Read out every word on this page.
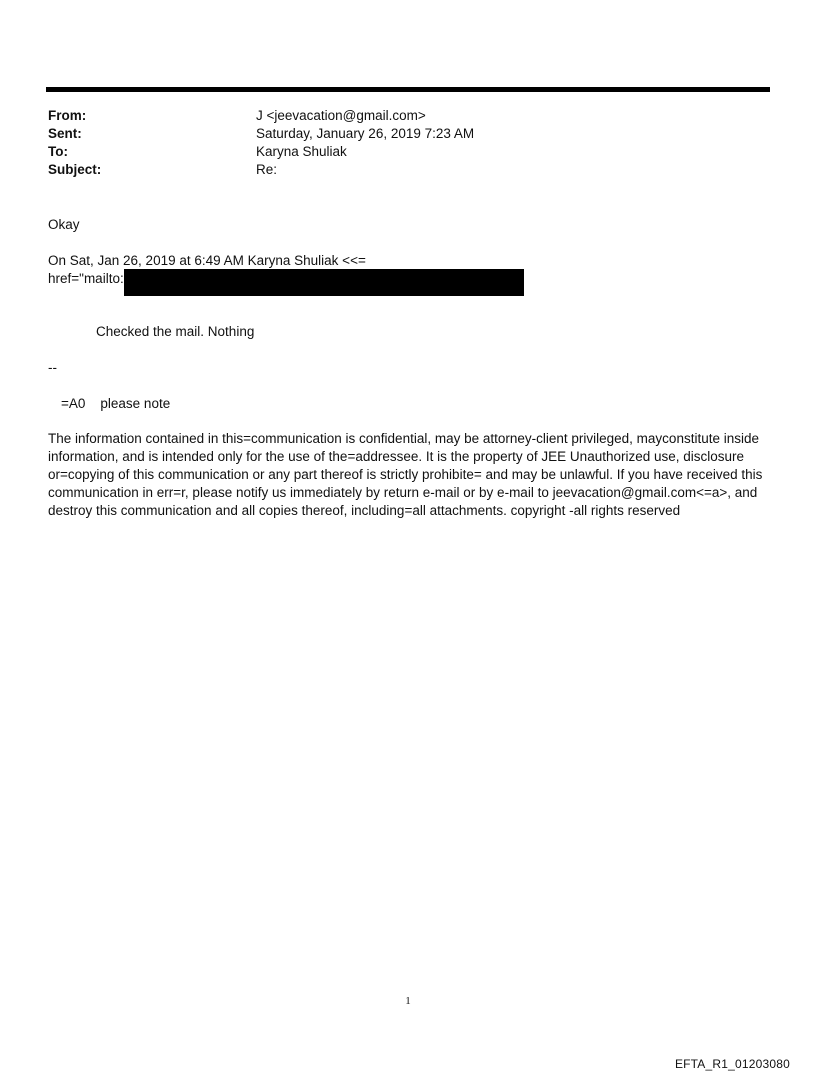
From:	J <jeevacation@gmail.com>
Sent:	Saturday, January 26, 2019 7:23 AM
To:	Karyna Shuliak
Subject:	Re:
Okay
On Sat, Jan 26, 2019 at 6:49 AM Karyna Shuliak <<=
href="mailto:
Checked the mail. Nothing
--
=A0    please note
The information contained in this=communication is confidential, may be attorney-client privileged, mayconstitute inside information, and is intended only for the use of the=addressee. It is the property of JEE Unauthorized use, disclosure or=copying of this communication or any part thereof is strictly prohibite= and may be unlawful. If you have received this communication in err=r, please notify us immediately by return e-mail or by e-mail to jeevacation@gmail.com<=a>, and destroy this communication and all copies thereof, including=all attachments. copyright -all rights reserved
1
EFTA_R1_01203080
